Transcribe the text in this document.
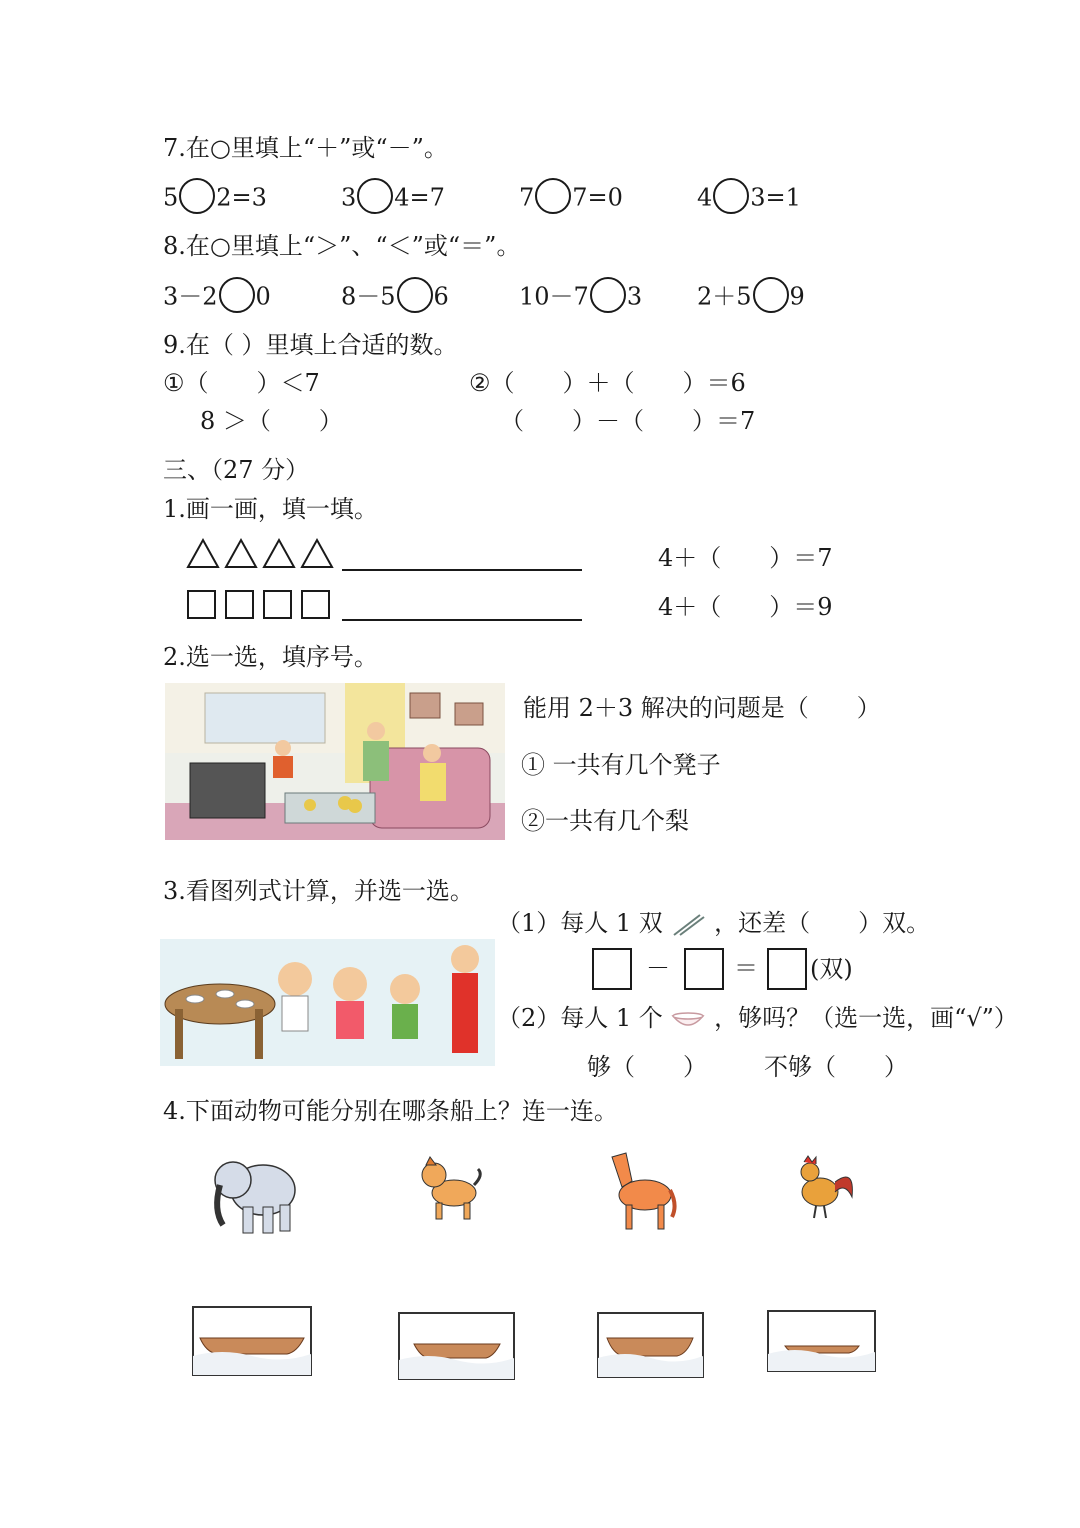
7.在○里填上“＋”或“－”。
5 2=3	3 4=7	7 7=0	4 3=1
8.在○里填上“＞”、“＜”或“＝”。
3－2 0	8－5 6	10－7 3 2＋5 9
9.在（ ）里填上合适的数。
①（　　）＜7	②（　　）＋（　　）＝6
8 ＞（　　）	（　　）－（　　）＝7
三、（27 分）
1.画一画，填一填。
4＋（　　）＝7
4＋（　　）＝9
2.选一选，填序号。
能用 2＋3 解决的问题是（　　）
① 一共有几个凳子
②一共有几个梨
3.看图列式计算，并选一选。
（1）每人 1 双 ，还差（　　）双。
－	＝ (双)
（2）每人 1 个 ，够吗？（选一选，画“√”）
够（　　） 不够（　　）
4.下面动物可能分别在哪条船上？连一连。
